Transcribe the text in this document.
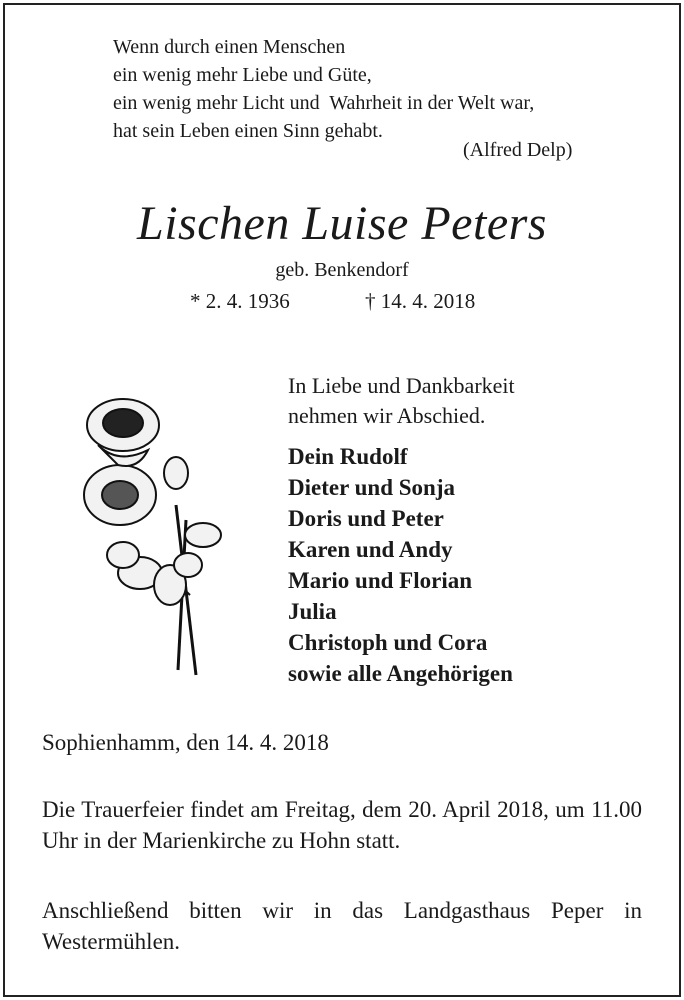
Wenn durch einen Menschen
ein wenig mehr Liebe und Güte,
ein wenig mehr Licht und  Wahrheit in der Welt war,
hat sein Leben einen Sinn gehabt.
(Alfred Delp)
Lischen Luise Peters
geb. Benkendorf
* 2. 4. 1936	† 14. 4. 2018
In Liebe und Dankbarkeit
nehmen wir Abschied.
Dein Rudolf
Dieter und Sonja
Doris und Peter
Karen und Andy
Mario und Florian
Julia
Christoph und Cora
sowie alle Angehörigen
Sophienhamm, den 14. 4. 2018
Die Trauerfeier findet am Freitag, dem 20. April 2018, um 11.00 Uhr in der Marienkirche zu Hohn statt.
Anschließend bitten wir in das Landgasthaus Peper in Westermühlen.
